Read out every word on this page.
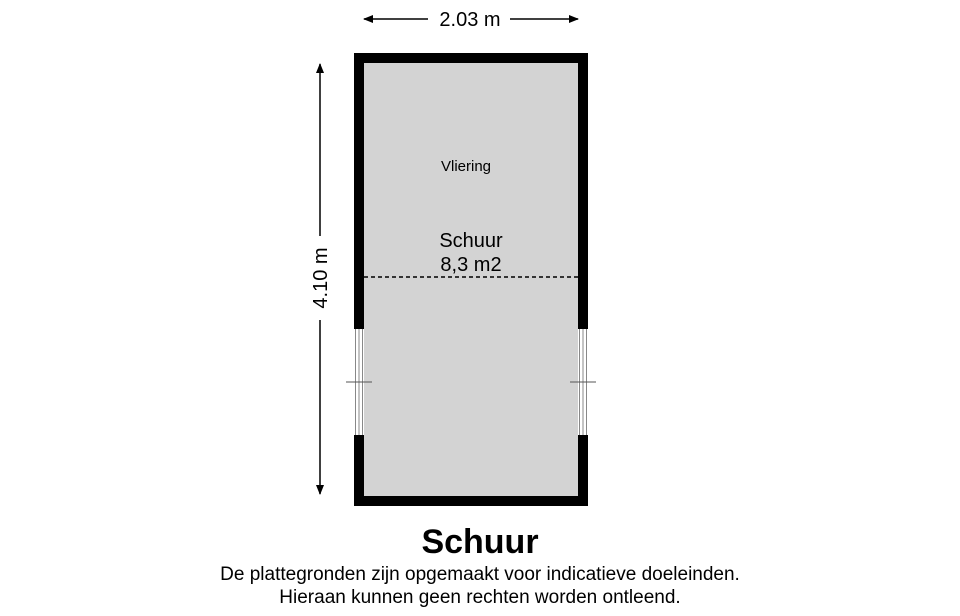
2.03 m
4.10 m
Vliering
Schuur
8,3 m2
Schuur

De plattegronden zijn opgemaakt voor indicatieve doeleinden.

Hieraan kunnen geen rechten worden ontleend.
